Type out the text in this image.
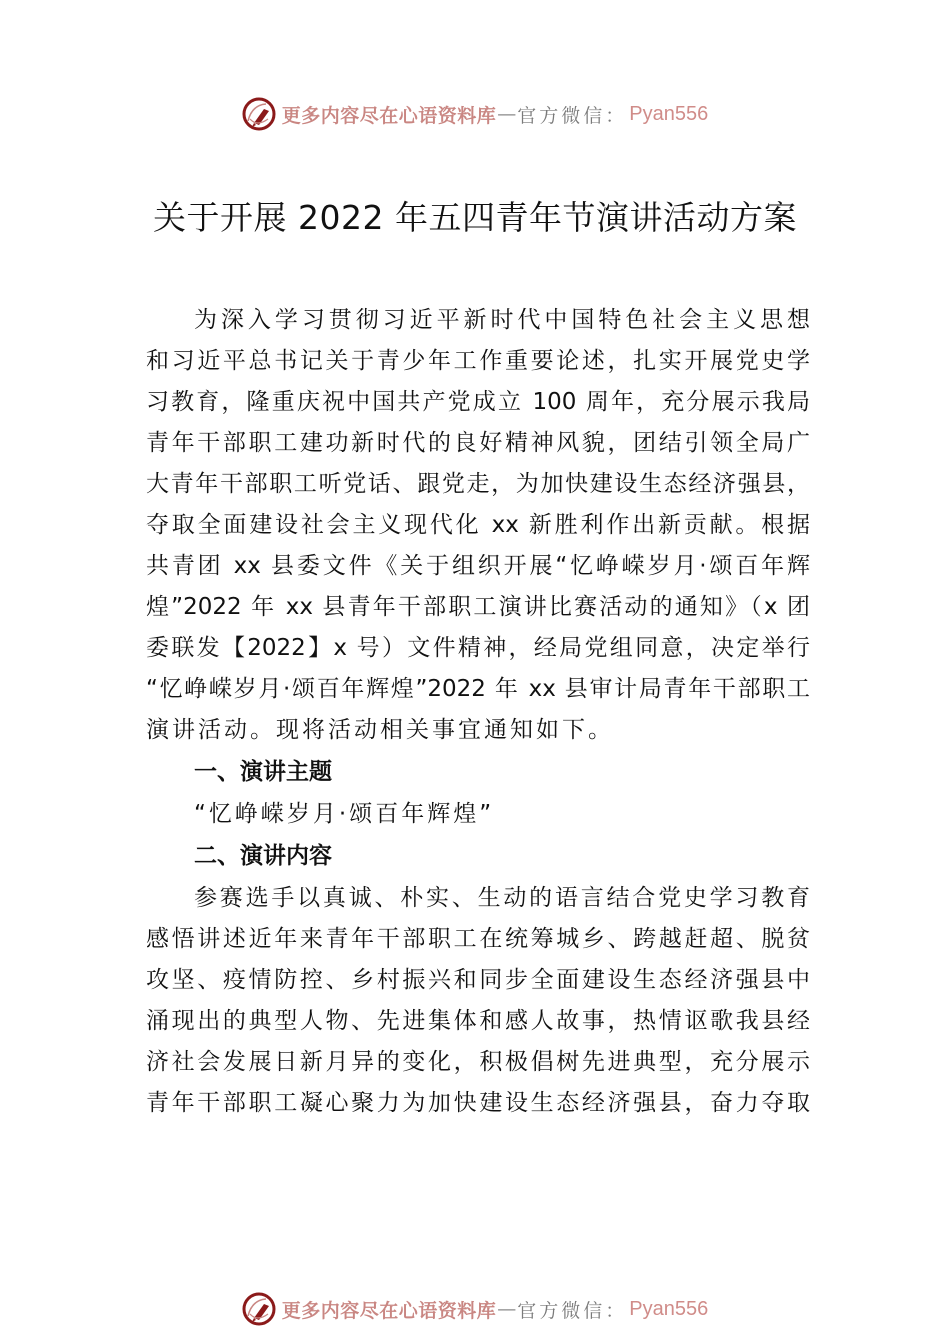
更多内容尽在心语资料库 — 官方微信： Pyan556
关于开展 2022 年五四青年节演讲活动方案
为深入学习贯彻习近平新时代中国特色社会主义思想
和习近平总书记关于青少年工作重要论述，扎实开展党史学
习教育，隆重庆祝中国共产党成立 100 周年，充分展示我局
青年干部职工建功新时代的良好精神风貌，团结引领全局广
大青年干部职工听党话、跟党走，为加快建设生态经济强县，
夺取全面建设社会主义现代化 xx 新胜利作出新贡献。根据
共青团 xx 县委文件《关于组织开展“忆峥嵘岁月·颂百年辉
煌”2022 年 xx 县青年干部职工演讲比赛活动的通知》（x 团
委联发【2022】x 号）文件精神，经局党组同意，决定举行
“忆峥嵘岁月·颂百年辉煌”2022 年 xx 县审计局青年干部职工
演讲活动。现将活动相关事宜通知如下。
一、演讲主题
“忆峥嵘岁月·颂百年辉煌”
二、演讲内容
参赛选手以真诚、朴实、生动的语言结合党史学习教育
感悟讲述近年来青年干部职工在统筹城乡、跨越赶超、脱贫
攻坚、疫情防控、乡村振兴和同步全面建设生态经济强县中
涌现出的典型人物、先进集体和感人故事，热情讴歌我县经
济社会发展日新月异的变化，积极倡树先进典型，充分展示
青年干部职工凝心聚力为加快建设生态经济强县，奋力夺取
更多内容尽在心语资料库 — 官方微信： Pyan556
